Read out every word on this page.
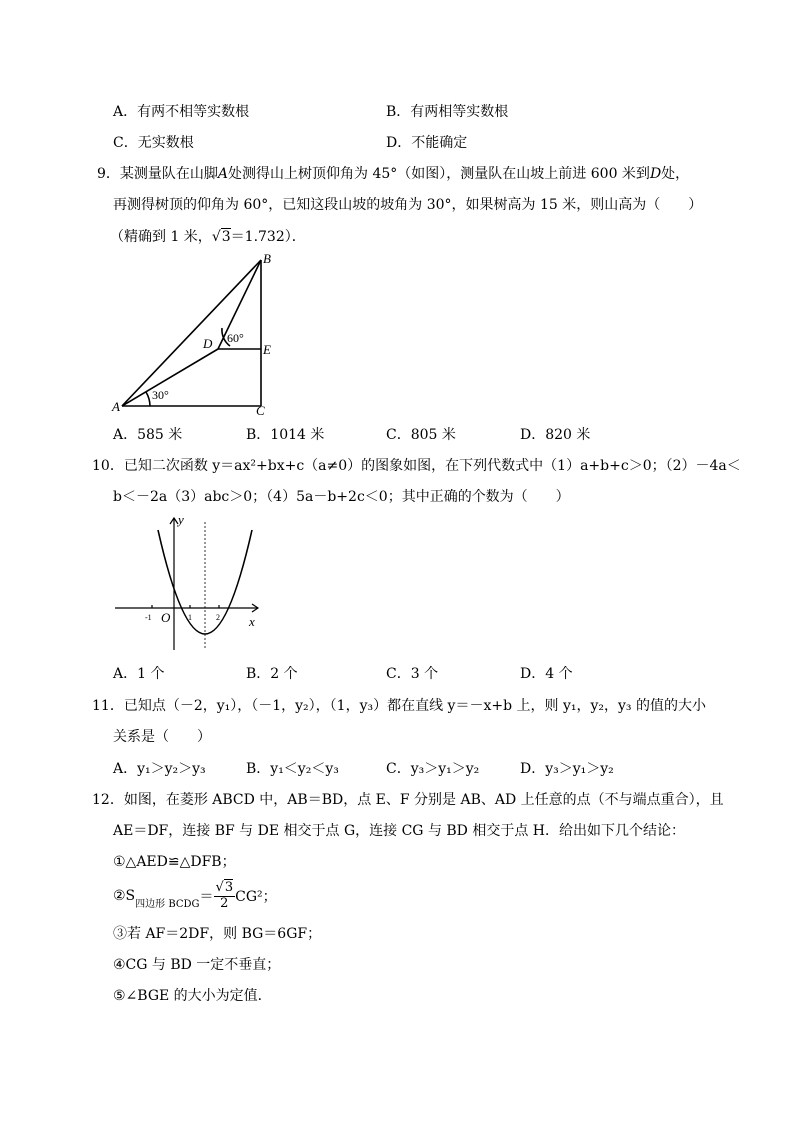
A．有两不相等实数根	B．有两相等实数根
C．无实数根	D．不能确定
9．某测量队在山脚A处测得山上树顶仰角为 45°（如图），测量队在山坡上前进 600 米到D处，
再测得树顶的仰角为 60°，已知这段山坡的坡角为 30°，如果树高为 15 米，则山高为（　　）
（精确到 1 米，√3＝1.732）．
B
D	E
A	C
60°
30°
A．585 米	B．1014 米	C．805 米	D．820 米
10．已知二次函数 y＝ax²+bx+c（a≠0）的图象如图，在下列代数式中（1）a+b+c＞0；（2）－4a＜
b＜－2a（3）abc＞0；（4）5a－b+2c＜0；其中正确的个数为（　　）
y
x
O
-1	1	2
A．1 个	B．2 个	C．3 个	D．4 个
11．已知点（－2，y₁），（－1，y₂），（1，y₃）都在直线 y＝－x+b 上，则 y₁，y₂，y₃ 的值的大小
关系是（　　）
A．y₁＞y₂＞y₃	B．y₁＜y₂＜y₃	C．y₃＞y₁＞y₂	D．y₃＞y₁＞y₂
12．如图，在菱形 ABCD 中，AB＝BD，点 E、F 分别是 AB、AD 上任意的点（不与端点重合），且
AE＝DF，连接 BF 与 DE 相交于点 G，连接 CG 与 BD 相交于点 H．给出如下几个结论：
①△AED≌△DFB；
$②S_{四边形 BCDG} = \frac{√3}{2} CG^2$；
③若 AF＝2DF，则 BG＝6GF；
④CG 与 BD 一定不垂直；
⑤∠BGE 的大小为定值．
